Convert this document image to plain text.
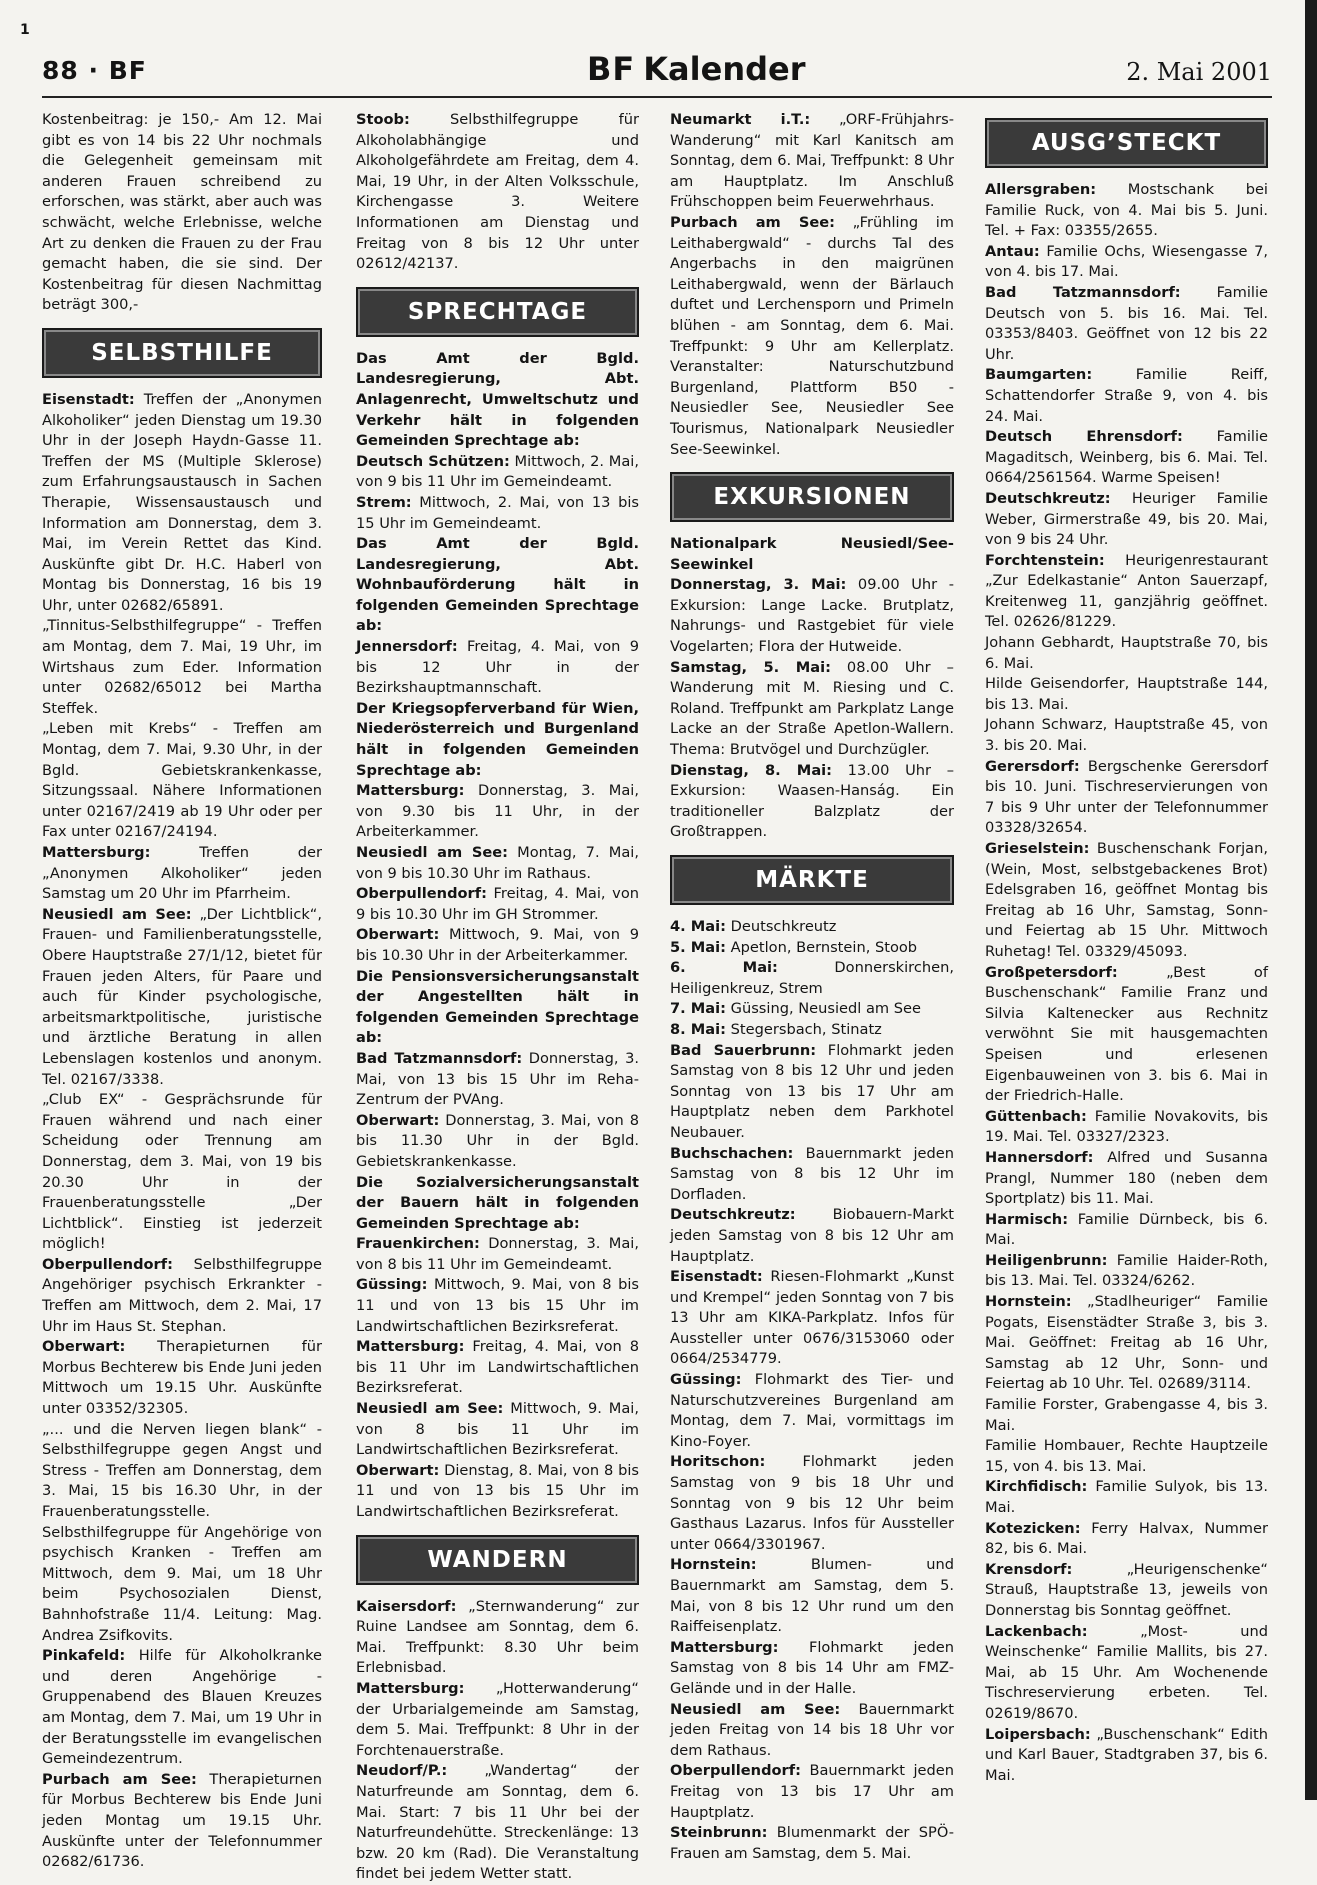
1
88 · BF	BF Kalender	2. Mai 2001

Kostenbeitrag: je 150,- Am 12. Mai gibt es von 14 bis 22 Uhr nochmals die Gelegenheit gemeinsam mit anderen Frauen schreibend zu erforschen, was stärkt, aber auch was schwächt, welche Erlebnisse, welche Art zu denken die Frauen zu der Frau gemacht haben, die sie sind. Der Kostenbeitrag für diesen Nachmittag beträgt 300,-

SELBSTHILFE

Eisenstadt: Treffen der „Anonymen Alkoholiker“ jeden Dienstag um 19.30 Uhr in der Joseph Haydn-Gasse 11. Treffen der MS (Multiple Sklerose) zum Erfahrungsaustausch in Sachen Therapie, Wissensaustausch und Information am Donnerstag, dem 3. Mai, im Verein Rettet das Kind. Auskünfte gibt Dr. H.C. Haberl von Montag bis Donnerstag, 16 bis 19 Uhr, unter 02682/65891.

„Tinnitus-Selbsthilfegruppe“ - Treffen am Montag, dem 7. Mai, 19 Uhr, im Wirtshaus zum Eder. Information unter 02682/65012 bei Martha Steffek.

„Leben mit Krebs“ - Treffen am Montag, dem 7. Mai, 9.30 Uhr, in der Bgld. Gebietskrankenkasse, Sitzungssaal. Nähere Informationen unter 02167/2419 ab 19 Uhr oder per Fax unter 02167/24194.

Mattersburg: Treffen der „Anonymen Alkoholiker“ jeden Samstag um 20 Uhr im Pfarrheim.

Neusiedl am See: „Der Lichtblick“, Frauen- und Familienberatungsstelle, Obere Hauptstraße 27/1/12, bietet für Frauen jeden Alters, für Paare und auch für Kinder psychologische, arbeitsmarktpolitische, juristische und ärztliche Beratung in allen Lebenslagen kostenlos und anonym. Tel. 02167/3338.

„Club EX“ - Gesprächsrunde für Frauen während und nach einer Scheidung oder Trennung am Donnerstag, dem 3. Mai, von 19 bis 20.30 Uhr in der Frauenberatungsstelle „Der Lichtblick“. Einstieg ist jederzeit möglich!

Oberpullendorf: Selbsthilfegruppe Angehöriger psychisch Erkrankter - Treffen am Mittwoch, dem 2. Mai, 17 Uhr im Haus St. Stephan.

Oberwart: Therapieturnen für Morbus Bechterew bis Ende Juni jeden Mittwoch um 19.15 Uhr. Auskünfte unter 03352/32305.

„... und die Nerven liegen blank“ - Selbsthilfegruppe gegen Angst und Stress - Treffen am Donnerstag, dem 3. Mai, 15 bis 16.30 Uhr, in der Frauenberatungsstelle.

Selbsthilfegruppe für Angehörige von psychisch Kranken - Treffen am Mittwoch, dem 9. Mai, um 18 Uhr beim Psychosozialen Dienst, Bahnhofstraße 11/4. Leitung: Mag. Andrea Zsifkovits.

Pinkafeld: Hilfe für Alkoholkranke und deren Angehörige - Gruppenabend des Blauen Kreuzes am Montag, dem 7. Mai, um 19 Uhr in der Beratungsstelle im evangelischen Gemeindezentrum.

Purbach am See: Therapieturnen für Morbus Bechterew bis Ende Juni jeden Montag um 19.15 Uhr. Auskünfte unter der Telefonnummer 02682/61736.

Stoob: Selbsthilfegruppe für Alkoholabhängige und Alkoholgefährdete am Freitag, dem 4. Mai, 19 Uhr, in der Alten Volksschule, Kirchengasse 3. Weitere Informationen am Dienstag und Freitag von 8 bis 12 Uhr unter 02612/42137.

SPRECHTAGE

Das Amt der Bgld. Landesregierung, Abt. Anlagenrecht, Umweltschutz und Verkehr hält in folgenden Gemeinden Sprechtage ab:

Deutsch Schützen: Mittwoch, 2. Mai, von 9 bis 11 Uhr im Gemeindeamt.

Strem: Mittwoch, 2. Mai, von 13 bis 15 Uhr im Gemeindeamt.

Das Amt der Bgld. Landesregierung, Abt. Wohnbauförderung hält in folgenden Gemeinden Sprechtage ab:

Jennersdorf: Freitag, 4. Mai, von 9 bis 12 Uhr in der Bezirkshauptmannschaft.

Der Kriegsopferverband für Wien, Niederösterreich und Burgenland hält in folgenden Gemeinden Sprechtage ab:

Mattersburg: Donnerstag, 3. Mai, von 9.30 bis 11 Uhr, in der Arbeiterkammer.

Neusiedl am See: Montag, 7. Mai, von 9 bis 10.30 Uhr im Rathaus.

Oberpullendorf: Freitag, 4. Mai, von 9 bis 10.30 Uhr im GH Strommer.

Oberwart: Mittwoch, 9. Mai, von 9 bis 10.30 Uhr in der Arbeiterkammer.

Die Pensionsversicherungsanstalt der Angestellten hält in folgenden Gemeinden Sprechtage ab:

Bad Tatzmannsdorf: Donnerstag, 3. Mai, von 13 bis 15 Uhr im Reha-Zentrum der PVAng.

Oberwart: Donnerstag, 3. Mai, von 8 bis 11.30 Uhr in der Bgld. Gebietskrankenkasse.

Die Sozialversicherungsanstalt der Bauern hält in folgenden Gemeinden Sprechtage ab:

Frauenkirchen: Donnerstag, 3. Mai, von 8 bis 11 Uhr im Gemeindeamt.

Güssing: Mittwoch, 9. Mai, von 8 bis 11 und von 13 bis 15 Uhr im Landwirtschaftlichen Bezirksreferat.

Mattersburg: Freitag, 4. Mai, von 8 bis 11 Uhr im Landwirtschaftlichen Bezirksreferat.

Neusiedl am See: Mittwoch, 9. Mai, von 8 bis 11 Uhr im Landwirtschaftlichen Bezirksreferat.

Oberwart: Dienstag, 8. Mai, von 8 bis 11 und von 13 bis 15 Uhr im Landwirtschaftlichen Bezirksreferat.

WANDERN

Kaisersdorf: „Sternwanderung“ zur Ruine Landsee am Sonntag, dem 6. Mai. Treffpunkt: 8.30 Uhr beim Erlebnisbad.

Mattersburg: „Hotterwanderung“ der Urbarialgemeinde am Samstag, dem 5. Mai. Treffpunkt: 8 Uhr in der Forchtenauerstraße.

Neudorf/P.: „Wandertag“ der Naturfreunde am Sonntag, dem 6. Mai. Start: 7 bis 11 Uhr bei der Naturfreundehütte. Streckenlänge: 13 bzw. 20 km (Rad). Die Veranstaltung findet bei jedem Wetter statt.

Neumarkt i.T.: „ORF-Frühjahrs-Wanderung“ mit Karl Kanitsch am Sonntag, dem 6. Mai, Treffpunkt: 8 Uhr am Hauptplatz. Im Anschluß Frühschoppen beim Feuerwehrhaus.

Purbach am See: „Frühling im Leithabergwald“ - durchs Tal des Angerbachs in den maigrünen Leithabergwald, wenn der Bärlauch duftet und Lerchensporn und Primeln blühen - am Sonntag, dem 6. Mai. Treffpunkt: 9 Uhr am Kellerplatz. Veranstalter: Naturschutzbund Burgenland, Plattform B50 - Neusiedler See, Neusiedler See Tourismus, Nationalpark Neusiedler See-Seewinkel.

EXKURSIONEN

Nationalpark Neusiedl/See-Seewinkel

Donnerstag, 3. Mai: 09.00 Uhr - Exkursion: Lange Lacke. Brutplatz, Nahrungs- und Rastgebiet für viele Vogelarten; Flora der Hutweide.

Samstag, 5. Mai: 08.00 Uhr – Wanderung mit M. Riesing und C. Roland. Treffpunkt am Parkplatz Lange Lacke an der Straße Apetlon-Wallern. Thema: Brutvögel und Durchzügler.

Dienstag, 8. Mai: 13.00 Uhr – Exkursion: Waasen-Hanság. Ein traditioneller Balzplatz der Großtrappen.

MÄRKTE

4. Mai: Deutschkreutz

5. Mai: Apetlon, Bernstein, Stoob

6. Mai: Donnerskirchen, Heiligenkreuz, Strem

7. Mai: Güssing, Neusiedl am See

8. Mai: Stegersbach, Stinatz

Bad Sauerbrunn: Flohmarkt jeden Samstag von 8 bis 12 Uhr und jeden Sonntag von 13 bis 17 Uhr am Hauptplatz neben dem Parkhotel Neubauer.

Buchschachen: Bauernmarkt jeden Samstag von 8 bis 12 Uhr im Dorfladen.

Deutschkreutz: Biobauern-Markt jeden Samstag von 8 bis 12 Uhr am Hauptplatz.

Eisenstadt: Riesen-Flohmarkt „Kunst und Krempel“ jeden Sonntag von 7 bis 13 Uhr am KIKA-Parkplatz. Infos für Aussteller unter 0676/3153060 oder 0664/2534779.

Güssing: Flohmarkt des Tier- und Naturschutzvereines Burgenland am Montag, dem 7. Mai, vormittags im Kino-Foyer.

Horitschon: Flohmarkt jeden Samstag von 9 bis 18 Uhr und Sonntag von 9 bis 12 Uhr beim Gasthaus Lazarus. Infos für Aussteller unter 0664/3301967.

Hornstein: Blumen- und Bauernmarkt am Samstag, dem 5. Mai, von 8 bis 12 Uhr rund um den Raiffeisenplatz.

Mattersburg: Flohmarkt jeden Samstag von 8 bis 14 Uhr am FMZ-Gelände und in der Halle.

Neusiedl am See: Bauernmarkt jeden Freitag von 14 bis 18 Uhr vor dem Rathaus.

Oberpullendorf: Bauernmarkt jeden Freitag von 13 bis 17 Uhr am Hauptplatz.

Steinbrunn: Blumenmarkt der SPÖ-Frauen am Samstag, dem 5. Mai.

AUSG’STECKT

Allersgraben: Mostschank bei Familie Ruck, von 4. Mai bis 5. Juni. Tel. + Fax: 03355/2655.

Antau: Familie Ochs, Wiesengasse 7, von 4. bis 17. Mai.

Bad Tatzmannsdorf: Familie Deutsch von 5. bis 16. Mai. Tel. 03353/8403. Geöffnet von 12 bis 22 Uhr.

Baumgarten: Familie Reiff, Schattendorfer Straße 9, von 4. bis 24. Mai.

Deutsch Ehrensdorf: Familie Magaditsch, Weinberg, bis 6. Mai. Tel. 0664/2561564. Warme Speisen!

Deutschkreutz: Heuriger Familie Weber, Girmerstraße 49, bis 20. Mai, von 9 bis 24 Uhr.

Forchtenstein: Heurigenrestaurant „Zur Edelkastanie“ Anton Sauerzapf, Kreitenweg 11, ganzjährig geöffnet. Tel. 02626/81229.

Johann Gebhardt, Hauptstraße 70, bis 6. Mai.

Hilde Geisendorfer, Hauptstraße 144, bis 13. Mai.

Johann Schwarz, Hauptstraße 45, von 3. bis 20. Mai.

Gerersdorf: Bergschenke Gerersdorf bis 10. Juni. Tischreservierungen von 7 bis 9 Uhr unter der Telefonnummer 03328/32654.

Grieselstein: Buschenschank Forjan, (Wein, Most, selbstgebackenes Brot) Edelsgraben 16, geöffnet Montag bis Freitag ab 16 Uhr, Samstag, Sonn- und Feiertag ab 15 Uhr. Mittwoch Ruhetag! Tel. 03329/45093.

Großpetersdorf: „Best of Buschenschank“ Familie Franz und Silvia Kaltenecker aus Rechnitz verwöhnt Sie mit hausgemachten Speisen und erlesenen Eigenbauweinen von 3. bis 6. Mai in der Friedrich-Halle.

Güttenbach: Familie Novakovits, bis 19. Mai. Tel. 03327/2323.

Hannersdorf: Alfred und Susanna Prangl, Nummer 180 (neben dem Sportplatz) bis 11. Mai.

Harmisch: Familie Dürnbeck, bis 6. Mai.

Heiligenbrunn: Familie Haider-Roth, bis 13. Mai. Tel. 03324/6262.

Hornstein: „Stadlheuriger“ Familie Pogats, Eisenstädter Straße 3, bis 3. Mai. Geöffnet: Freitag ab 16 Uhr, Samstag ab 12 Uhr, Sonn- und Feiertag ab 10 Uhr. Tel. 02689/3114.

Familie Forster, Grabengasse 4, bis 3. Mai.

Familie Hombauer, Rechte Hauptzeile 15, von 4. bis 13. Mai.

Kirchfidisch: Familie Sulyok, bis 13. Mai.

Kotezicken: Ferry Halvax, Nummer 82, bis 6. Mai.

Krensdorf: „Heurigenschenke“ Strauß, Hauptstraße 13, jeweils von Donnerstag bis Sonntag geöffnet.

Lackenbach: „Most- und Weinschenke“ Familie Mallits, bis 27. Mai, ab 15 Uhr. Am Wochenende Tischreservierung erbeten. Tel. 02619/8670.

Loipersbach: „Buschenschank“ Edith und Karl Bauer, Stadtgraben 37, bis 6. Mai.
